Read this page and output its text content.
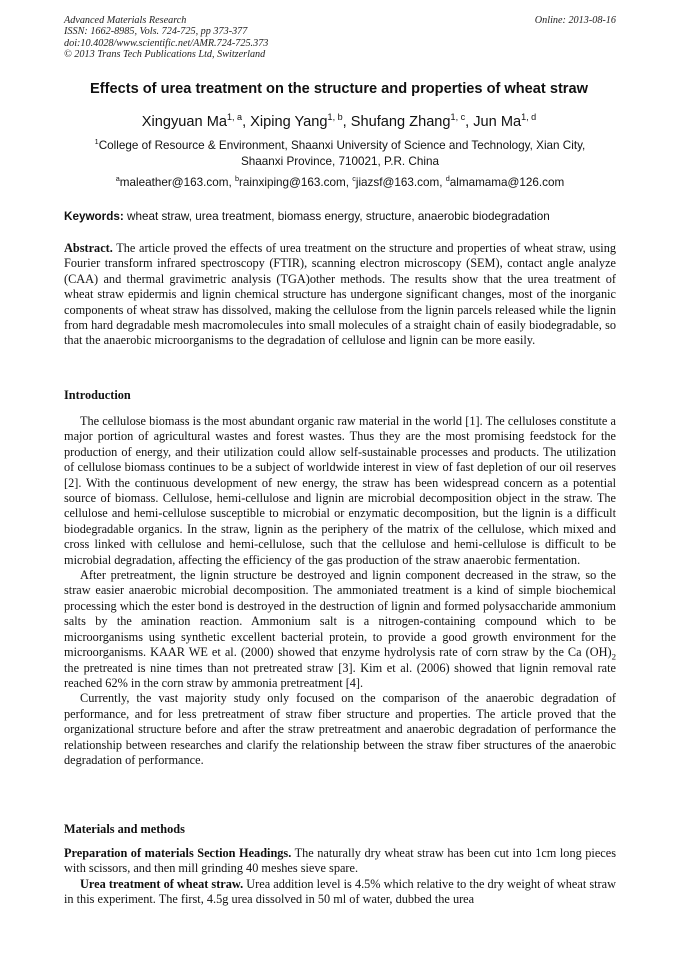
Advanced Materials Research
ISSN: 1662-8985, Vols. 724-725, pp 373-377
doi:10.4028/www.scientific.net/AMR.724-725.373
© 2013 Trans Tech Publications Ltd, Switzerland
Online: 2013-08-16
Effects of urea treatment on the structure and properties of wheat straw
Xingyuan Ma$^{1, a}$, Xiping Yang$^{1, b}$, Shufang Zhang$^{1, c}$, Jun Ma$^{1, d}$
$^1$College of Resource & Environment, Shaanxi University of Science and Technology, Xian City,
Shaanxi Province, 710021, P.R. China
$^a$maleather@163.com, $^b$rainxiping@163.com, $^c$jiazsf@163.com, $^d$almamama@126.com
Keywords: wheat straw, urea treatment, biomass energy, structure, anaerobic biodegradation

Abstract. The article proved the effects of urea treatment on the structure and properties of wheat straw, using Fourier transform infrared spectroscopy (FTIR), scanning electron microscopy (SEM), contact angle analyze (CAA) and thermal gravimetric analysis (TGA)other methods. The results show that the urea treatment of wheat straw epidermis and lignin chemical structure has undergone significant changes, most of the inorganic components of wheat straw has dissolved, making the cellulose from the lignin parcels released while the lignin from hard degradable mesh macromolecules into small molecules of a straight chain of easily biodegradable, so that the anaerobic microorganisms to the degradation of cellulose and lignin can be more easily.

Introduction

The cellulose biomass is the most abundant organic raw material in the world [1]. The celluloses constitute a major portion of agricultural wastes and forest wastes. Thus they are the most promising feedstock for the production of energy, and their utilization could allow self-sustainable processes and products. The utilization of cellulose biomass continues to be a subject of worldwide interest in view of fast depletion of our oil reserves [2]. With the continuous development of new energy, the straw has been widespread concern as a potential source of biomass. Cellulose, hemi-cellulose and lignin are microbial decomposition object in the straw. The cellulose and hemi-cellulose susceptible to microbial or enzymatic decomposition, but the lignin is a difficult biodegradable organics. In the straw, lignin as the periphery of the matrix of the cellulose, which mixed and cross linked with cellulose and hemi-cellulose, such that the cellulose and hemi-cellulose is difficult to be microbial degradation, affecting the efficiency of the gas production of the straw anaerobic fermentation.

After pretreatment, the lignin structure be destroyed and lignin component decreased in the straw, so the straw easier anaerobic microbial decomposition. The ammoniated treatment is a kind of simple biochemical processing which the ester bond is destroyed in the destruction of lignin and formed polysaccharide ammonium salts by the amination reaction. Ammonium salt is a nitrogen-containing compound which to be microorganisms using synthetic excellent bacterial protein, to provide a good growth environment for the microorganisms. KAAR WE et al. (2000) showed that enzyme hydrolysis rate of corn straw by the Ca $(OH)_2$ the pretreated is nine times than not pretreated straw [3]. Kim et al. (2006) showed that lignin removal rate reached 62% in the corn straw by ammonia pretreatment [4].

Currently, the vast majority study only focused on the comparison of the anaerobic degradation of performance, and for less pretreatment of straw fiber structure and properties. The article proved that the organizational structure before and after the straw pretreatment and anaerobic degradation of performance the relationship between researches and clarify the relationship between the straw fiber structures of the anaerobic degradation of performance.

Materials and methods

Preparation of materials Section Headings. The naturally dry wheat straw has been cut into 1cm long pieces with scissors, and then mill grinding 40 meshes sieve spare.

Urea treatment of wheat straw. Urea addition level is 4.5% which relative to the dry weight of wheat straw in this experiment. The first, 4.5g urea dissolved in 50 ml of water, dubbed the urea
